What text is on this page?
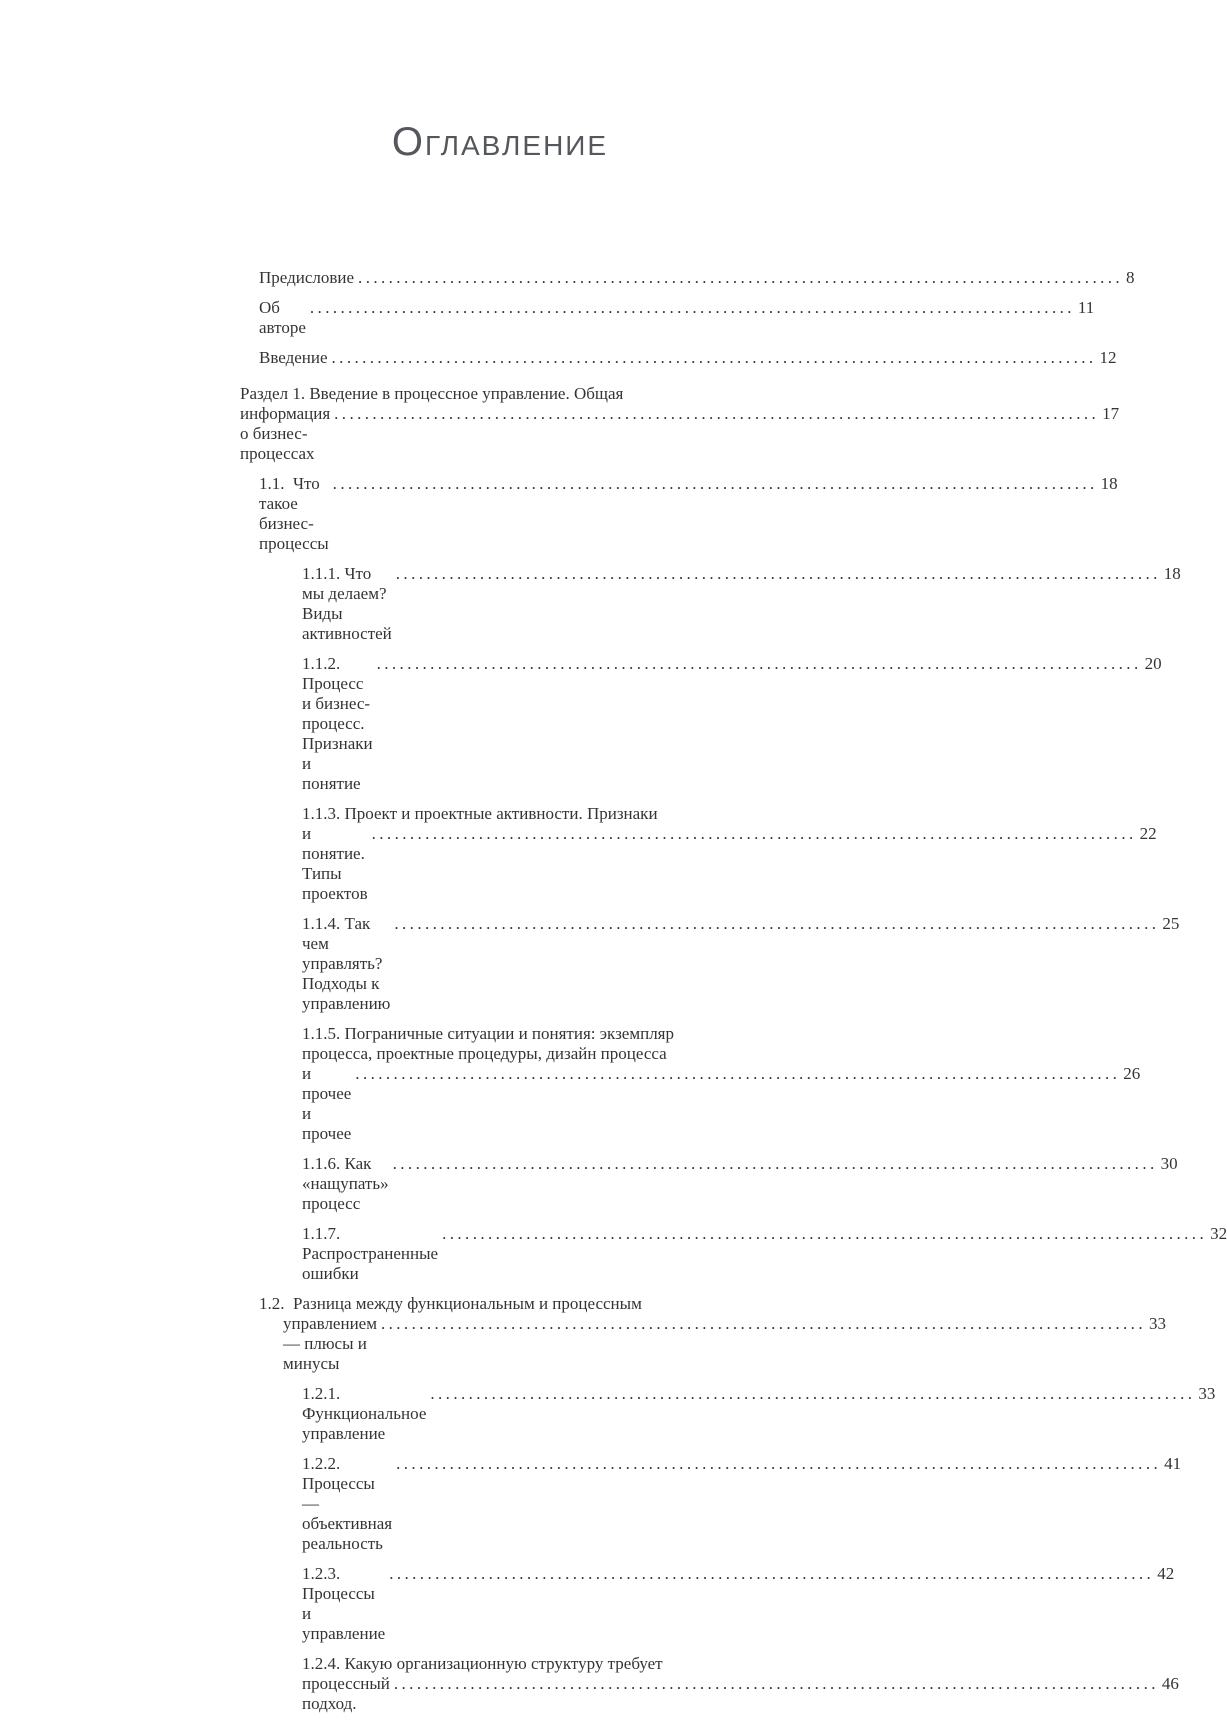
Оглавление
Предисловие .....	8
Об авторе
.....
11
Введение .....	12
Раздел 1. Введение в процессное управление. Общая
информация о бизнес-процессах
.....
17
1.1.  Что такое бизнес-процессы
.....
18
1.1.1. Что мы делаем? Виды активностей
.....
18
1.1.2. Процесс и бизнес-процесс. Признаки и понятие
.....
20
1.1.3. Проект и проектные активности. Признаки
и понятие. Типы проектов
.....
22
1.1.4. Так чем управлять? Подходы к управлению
.....
25
1.1.5. Пограничные ситуации и понятия: экземпляр
процесса, проектные процедуры, дизайн процесса
и прочее и прочее
.....
26
1.1.6. Как «нащупать» процесс
.....
30
1.1.7. Распространенные ошибки
.....
32
1.2.  Разница между функциональным и процессным
управлением — плюсы и минусы
.....
33
1.2.1. Функциональное управление
.....
33
1.2.2. Процессы — объективная реальность
.....
41
1.2.3. Процессы и управление
.....
42
1.2.4. Какую организационную структуру требует
процессный подход.
.....
46
